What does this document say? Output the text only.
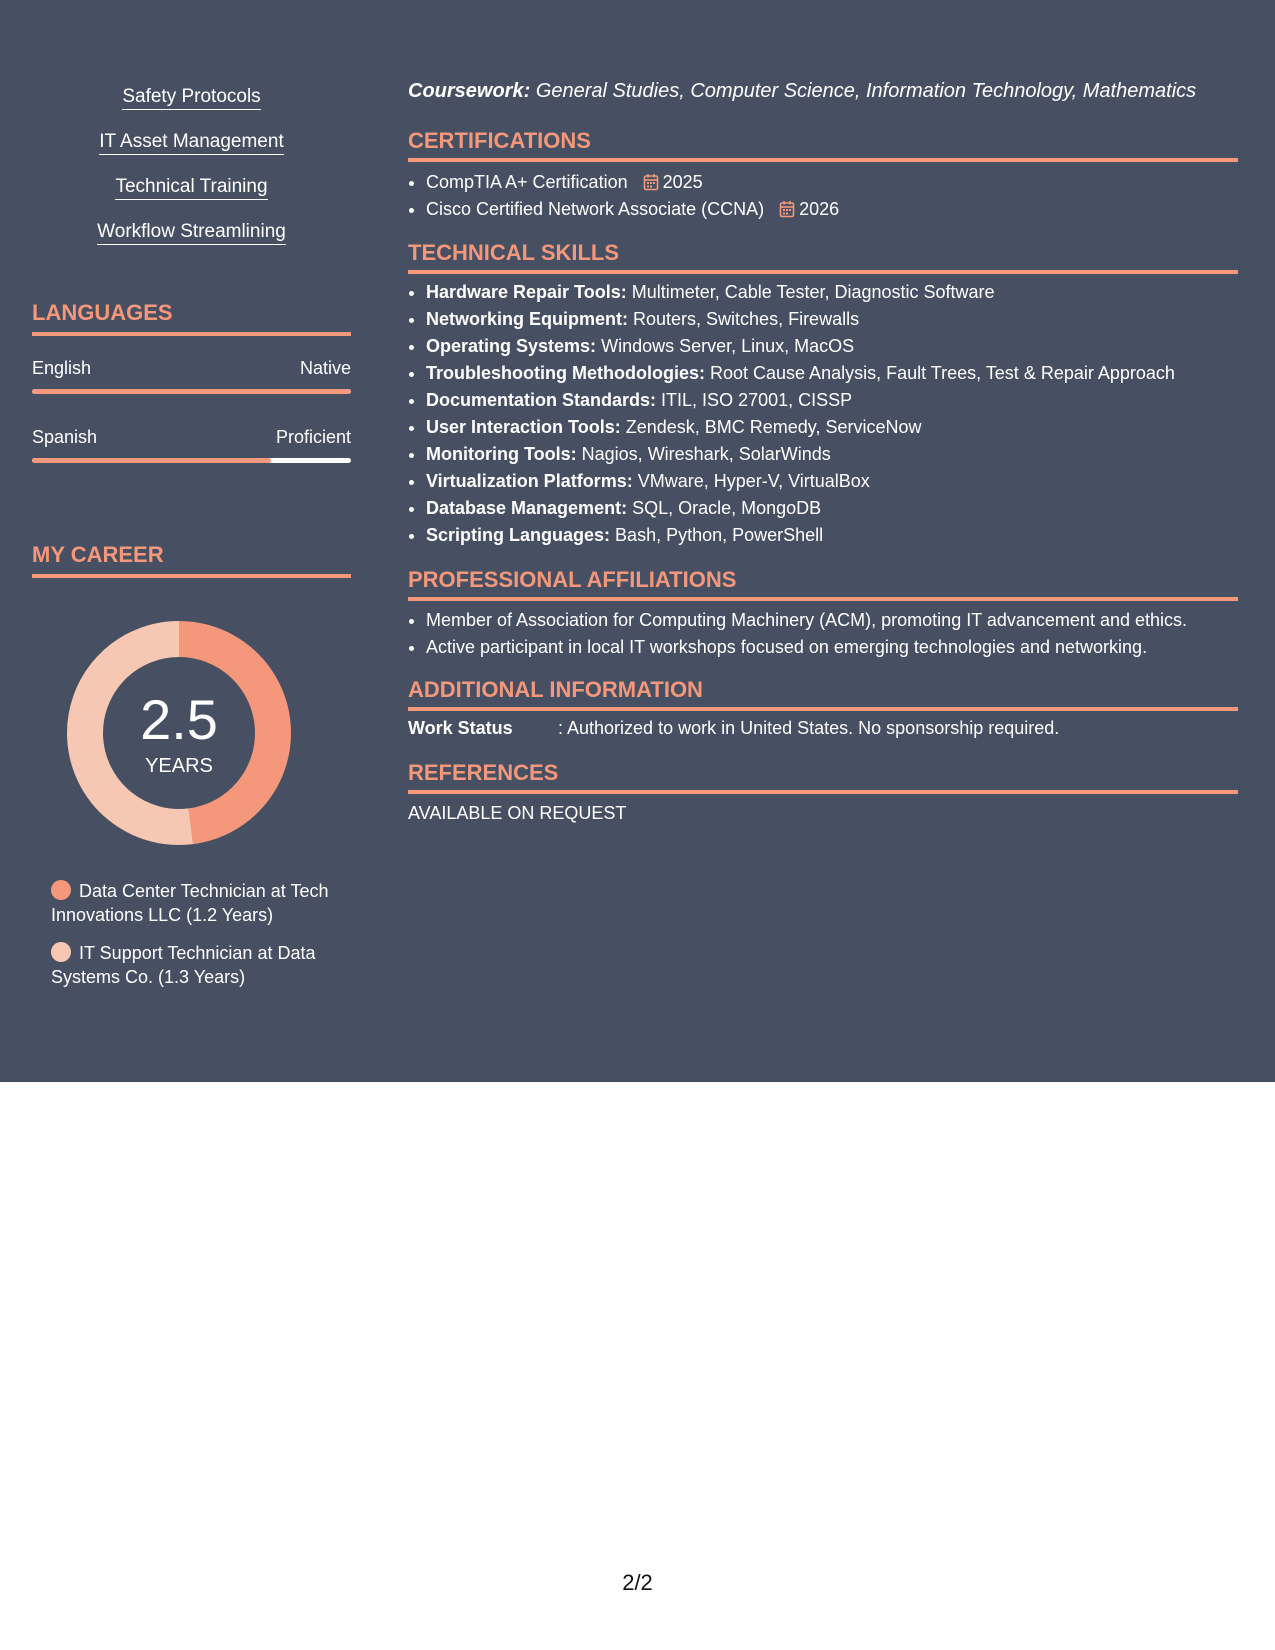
Safety Protocols
IT Asset Management
Technical Training
Workflow Streamlining
LANGUAGES
English	Native
Spanish	Proficient
MY CAREER
2.5
YEARS
Data Center Technician at Tech Innovations LLC (1.2 Years)
IT Support Technician at Data Systems Co. (1.3 Years)
Coursework: General Studies, Computer Science, Information Technology, Mathematics
CERTIFICATIONS
• CompTIA A+ Certification 2025
• Cisco Certified Network Associate (CCNA) 2026
TECHNICAL SKILLS
• Hardware Repair Tools: Multimeter, Cable Tester, Diagnostic Software
• Networking Equipment: Routers, Switches, Firewalls
• Operating Systems: Windows Server, Linux, MacOS
• Troubleshooting Methodologies: Root Cause Analysis, Fault Trees, Test & Repair Approach
• Documentation Standards: ITIL, ISO 27001, CISSP
• User Interaction Tools: Zendesk, BMC Remedy, ServiceNow
• Monitoring Tools: Nagios, Wireshark, SolarWinds
• Virtualization Platforms: VMware, Hyper-V, VirtualBox
• Database Management: SQL, Oracle, MongoDB
• Scripting Languages: Bash, Python, PowerShell
PROFESSIONAL AFFILIATIONS
• Member of Association for Computing Machinery (ACM), promoting IT advancement and ethics.
• Active participant in local IT workshops focused on emerging technologies and networking.
ADDITIONAL INFORMATION
Work Status	: Authorized to work in United States. No sponsorship required.
REFERENCES
AVAILABLE ON REQUEST
2/2
